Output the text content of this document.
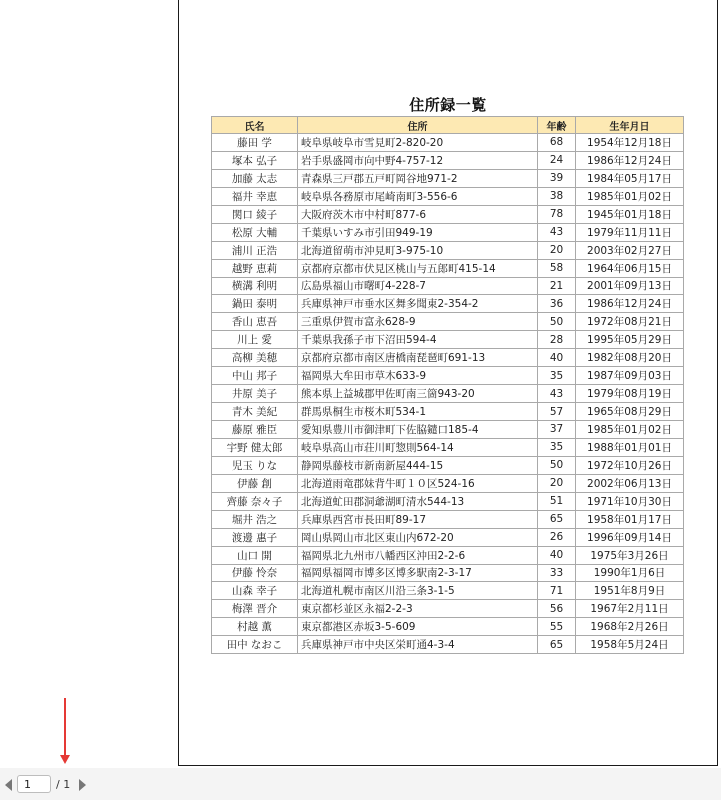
住所録一覧
氏名	住所	年齢	生年月日
藤田 学	岐阜県岐阜市雪見町2-820-20	68	1954年12月18日
塚本 弘子	岩手県盛岡市向中野4-757-12	24	1986年12月24日
加藤 太志	青森県三戸郡五戸町岡谷地971-2	39	1984年05月17日
福井 幸恵	岐阜県各務原市尾崎南町3-556-6	38	1985年01月02日
関口 綾子	大阪府茨木市中村町877-6	78	1945年01月18日
松原 大輔	千葉県いすみ市引田949-19	43	1979年11月11日
浦川 正浩	北海道留萌市沖見町3-975-10	20	2003年02月27日
越野 恵莉	京都府京都市伏見区桃山与五郎町415-14	58	1964年06月15日
横溝 利明	広島県福山市曙町4-228-7	21	2001年09月13日
鍋田 泰明	兵庫県神戸市垂水区舞多聞東2-354-2	36	1986年12月24日
香山 恵吾	三重県伊賀市富永628-9	50	1972年08月21日
川上 愛	千葉県我孫子市下沼田594-4	28	1995年05月29日
高柳 美穂	京都府京都市南区唐橋南琵琶町691-13	40	1982年08月20日
中山 邦子	福岡県大牟田市草木633-9	35	1987年09月03日
井原 美子	熊本県上益城郡甲佐町南三箇943-20	43	1979年08月19日
青木 美紀	群馬県桐生市桜木町534-1	57	1965年08月29日
藤原 雅臣	愛知県豊川市御津町下佐脇鑓口185-4	37	1985年01月02日
宇野 健太郎	岐阜県高山市荘川町惣則564-14	35	1988年01月01日
児玉 りな	静岡県藤枝市新南新屋444-15	50	1972年10月26日
伊藤 創	北海道雨竜郡妹背牛町１０区524-16	20	2002年06月13日
齊藤 奈々子	北海道虻田郡洞爺湖町清水544-13	51	1971年10月30日
堀井 浩之	兵庫県西宮市長田町89-17	65	1958年01月17日
渡邊 惠子	岡山県岡山市北区東山内672-20	26	1996年09月14日
山口 開	福岡県北九州市八幡西区沖田2-2-6	40	1975年3月26日
伊藤 怜奈	福岡県福岡市博多区博多駅南2-3-17	33	1990年1月6日
山森 幸子	北海道札幌市南区川沿三条3-1-5	71	1951年8月9日
梅澤 晋介	東京都杉並区永福2-2-3	56	1967年2月11日
村越 薫	東京都港区赤坂3-5-609	55	1968年2月26日
田中 なおこ	兵庫県神戸市中央区栄町通4-3-4	65	1958年5月24日
1
/ 1
